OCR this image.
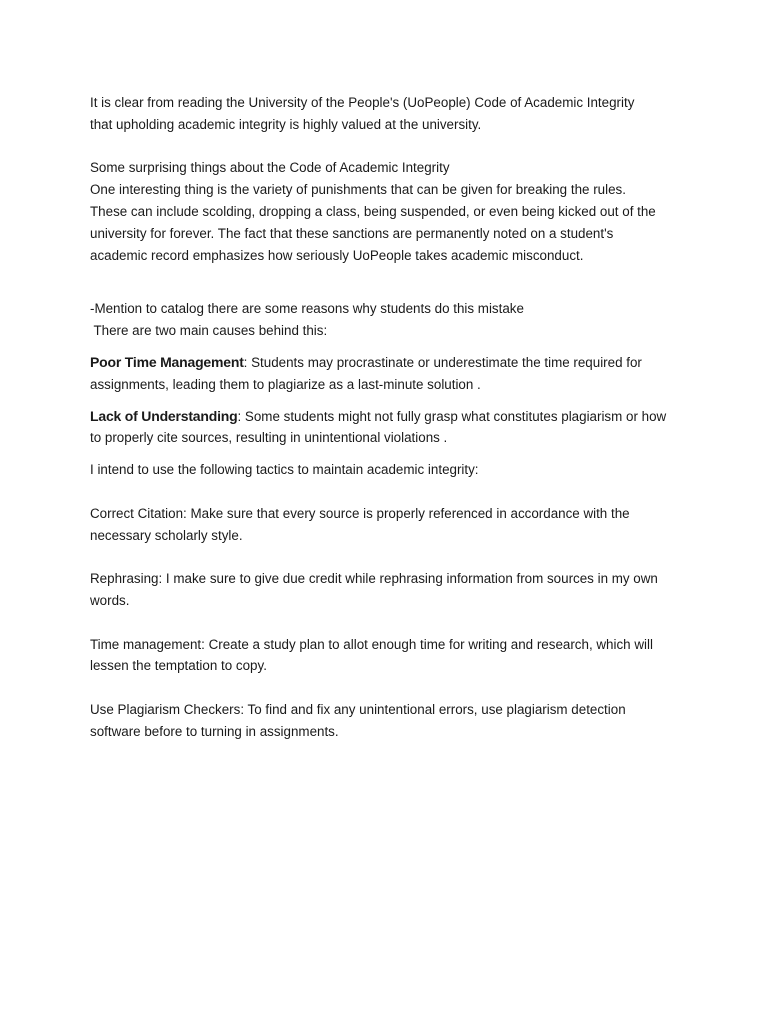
It is clear from reading the University of the People's (UoPeople) Code of Academic Integrity
that upholding academic integrity is highly valued at the university.

Some surprising things about the Code of Academic Integrity
One interesting thing is the variety of punishments that can be given for breaking the rules.
These can include scolding, dropping a class, being suspended, or even being kicked out of the
university for forever. The fact that these sanctions are permanently noted on a student's
academic record emphasizes how seriously UoPeople takes academic misconduct.

-Mention to catalog there are some reasons why students do this mistake
There are two main causes behind this:

Poor Time Management: Students may procrastinate or underestimate the time required for
assignments, leading them to plagiarize as a last-minute solution .

Lack of Understanding: Some students might not fully grasp what constitutes plagiarism or how
to properly cite sources, resulting in unintentional violations .

I intend to use the following tactics to maintain academic integrity:

Correct Citation: Make sure that every source is properly referenced in accordance with the
necessary scholarly style.

Rephrasing: I make sure to give due credit while rephrasing information from sources in my own
words.

Time management: Create a study plan to allot enough time for writing and research, which will
lessen the temptation to copy.

Use Plagiarism Checkers: To find and fix any unintentional errors, use plagiarism detection
software before to turning in assignments.
